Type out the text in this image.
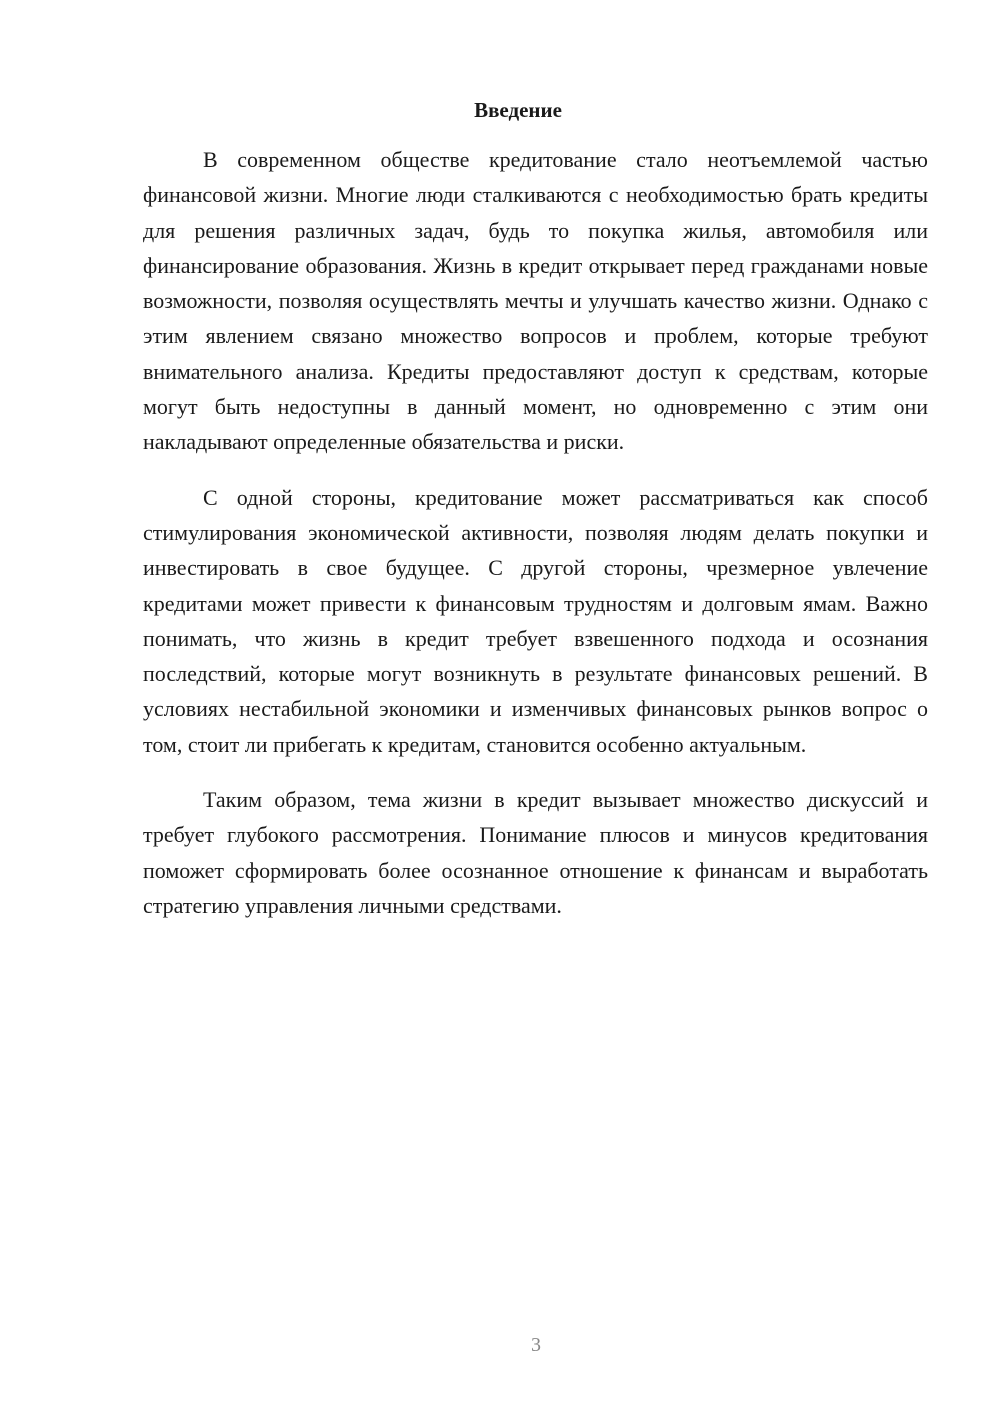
Введение

В современном обществе кредитование стало неотъемлемой частью финансовой жизни. Многие люди сталкиваются с необходимостью брать кредиты для решения различных задач, будь то покупка жилья, автомобиля или финансирование образования. Жизнь в кредит открывает перед гражданами новые возможности, позволяя осуществлять мечты и улучшать качество жизни. Однако с этим явлением связано множество вопросов и проблем, которые требуют внимательного анализа. Кредиты предоставляют доступ к средствам, которые могут быть недоступны в данный момент, но одновременно с этим они накладывают определенные обязательства и риски.

С одной стороны, кредитование может рассматриваться как способ стимулирования экономической активности, позволяя людям делать покупки и инвестировать в свое будущее. С другой стороны, чрезмерное увлечение кредитами может привести к финансовым трудностям и долговым ямам. Важно понимать, что жизнь в кредит требует взвешенного подхода и осознания последствий, которые могут возникнуть в результате финансовых решений. В условиях нестабильной экономики и изменчивых финансовых рынков вопрос о том, стоит ли прибегать к кредитам, становится особенно актуальным.

Таким образом, тема жизни в кредит вызывает множество дискуссий и требует глубокого рассмотрения. Понимание плюсов и минусов кредитования поможет сформировать более осознанное отношение к финансам и выработать стратегию управления личными средствами.

3
